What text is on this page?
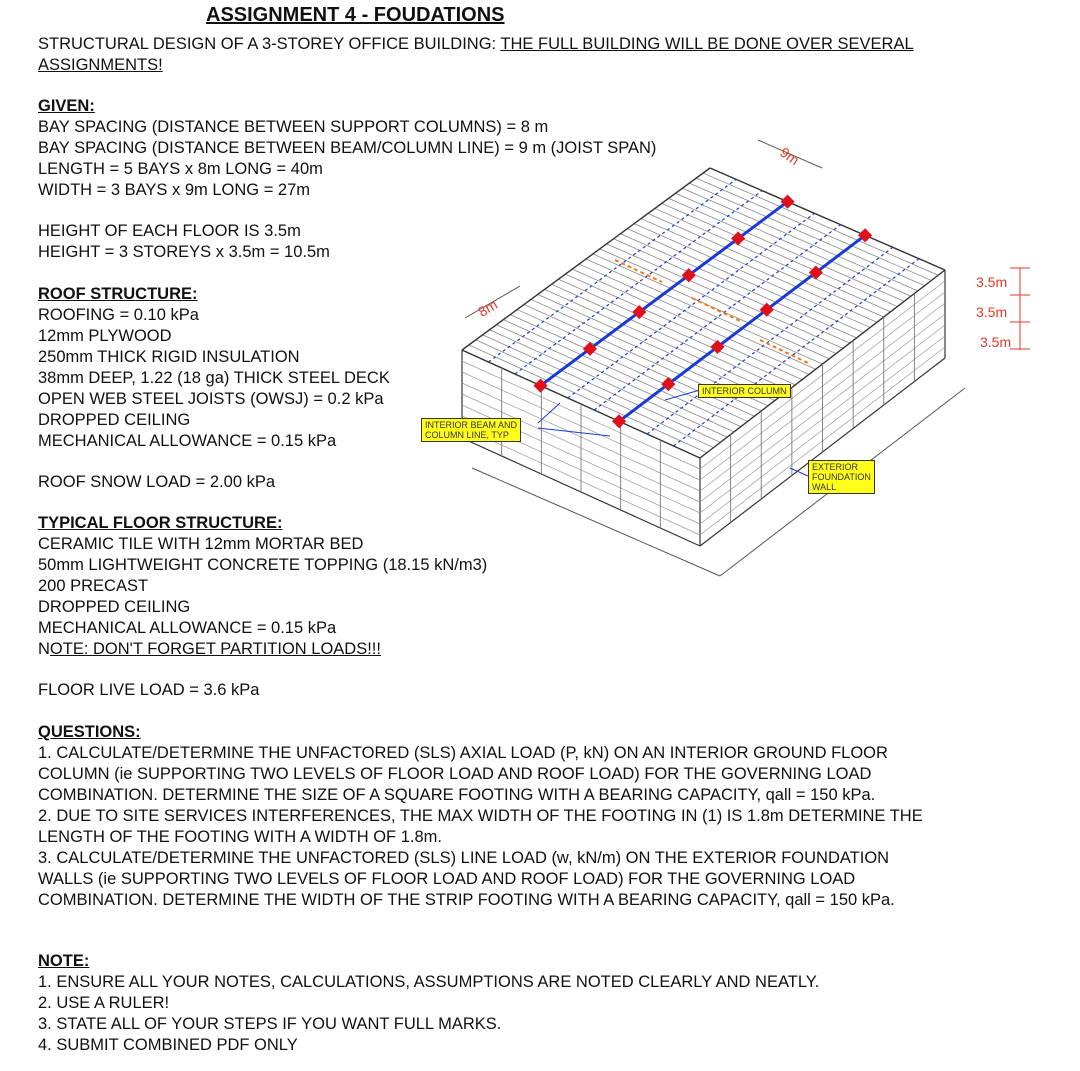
ASSIGNMENT 4 - FOUDATIONS
STRUCTURAL DESIGN OF A 3-STOREY OFFICE BUILDING: THE FULL BUILDING WILL BE DONE OVER SEVERAL
ASSIGNMENTS!
GIVEN:
BAY SPACING (DISTANCE BETWEEN SUPPORT COLUMNS) = 8 m
BAY SPACING (DISTANCE BETWEEN BEAM/COLUMN LINE) = 9 m (JOIST SPAN)
LENGTH = 5 BAYS x 8m LONG = 40m
WIDTH = 3 BAYS x 9m LONG = 27m
HEIGHT OF EACH FLOOR IS 3.5m
HEIGHT = 3 STOREYS x 3.5m = 10.5m
ROOF STRUCTURE:
ROOFING = 0.10 kPa
12mm PLYWOOD
250mm THICK RIGID INSULATION
38mm DEEP, 1.22 (18 ga) THICK STEEL DECK
OPEN WEB STEEL JOISTS (OWSJ) = 0.2 kPa
DROPPED CEILING
MECHANICAL ALLOWANCE = 0.15 kPa
ROOF SNOW LOAD = 2.00 kPa
TYPICAL FLOOR STRUCTURE:
CERAMIC TILE WITH 12mm MORTAR BED
50mm LIGHTWEIGHT CONCRETE TOPPING (18.15 kN/m3)
200 PRECAST
DROPPED CEILING
MECHANICAL ALLOWANCE = 0.15 kPa
NOTE: DON'T FORGET PARTITION LOADS!!!
FLOOR LIVE LOAD = 3.6 kPa
QUESTIONS:
1. CALCULATE/DETERMINE THE UNFACTORED (SLS) AXIAL LOAD (P, kN) ON AN INTERIOR GROUND FLOOR
COLUMN (ie SUPPORTING TWO LEVELS OF FLOOR LOAD AND ROOF LOAD) FOR THE GOVERNING LOAD
COMBINATION. DETERMINE THE SIZE OF A SQUARE FOOTING WITH A BEARING CAPACITY, qall = 150 kPa.
2. DUE TO SITE SERVICES INTERFERENCES, THE MAX WIDTH OF THE FOOTING IN (1) IS 1.8m DETERMINE THE
LENGTH OF THE FOOTING WITH A WIDTH OF 1.8m.
3. CALCULATE/DETERMINE THE UNFACTORED (SLS) LINE LOAD (w, kN/m) ON THE EXTERIOR FOUNDATION
WALLS (ie SUPPORTING TWO LEVELS OF FLOOR LOAD AND ROOF LOAD) FOR THE GOVERNING LOAD
COMBINATION. DETERMINE THE WIDTH OF THE STRIP FOOTING WITH A BEARING CAPACITY, qall = 150 kPa.
NOTE:
1. ENSURE ALL YOUR NOTES, CALCULATIONS, ASSUMPTIONS ARE NOTED CLEARLY AND NEATLY.
2. USE A RULER!
3. STATE ALL OF YOUR STEPS IF YOU WANT FULL MARKS.
4. SUBMIT COMBINED PDF ONLY
9m
8m
3.5m
3.5m
3.5m
INTERIOR COLUMN
INTERIOR BEAM AND
COLUMN LINE, TYP
EXTERIOR
FOUNDATION
WALL
